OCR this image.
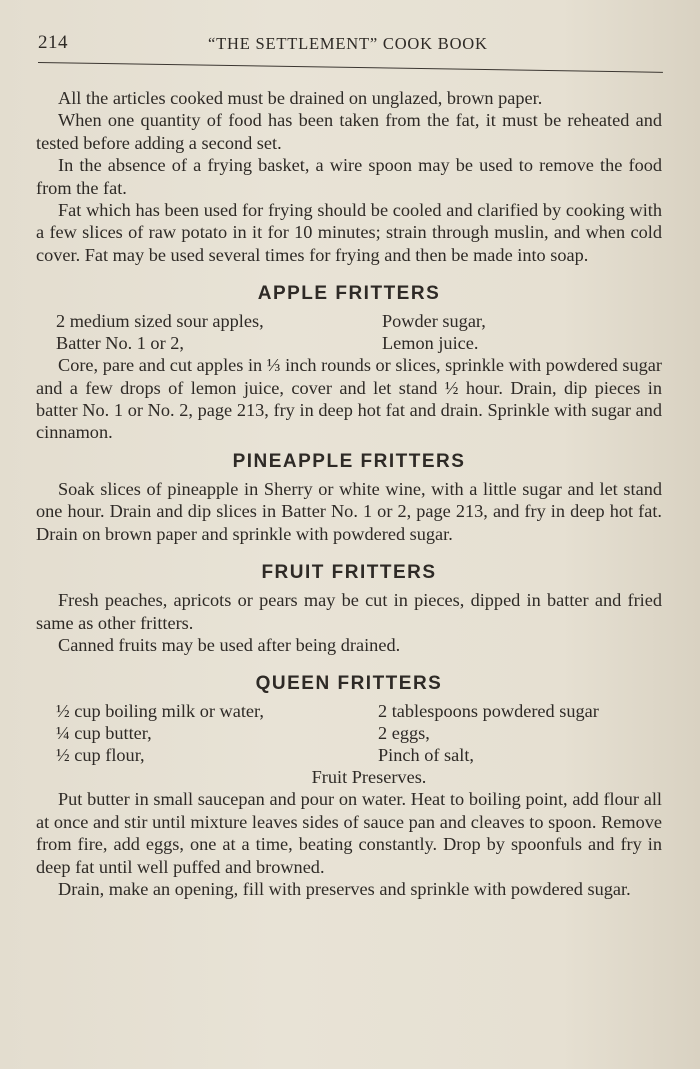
214	“THE SETTLEMENT” COOK BOOK

All the articles cooked must be drained on unglazed, brown paper.

When one quantity of food has been taken from the fat, it must be reheated and tested before adding a second set.

In the absence of a frying basket, a wire spoon may be used to remove the food from the fat.

Fat which has been used for frying should be cooled and clarified by cooking with a few slices of raw potato in it for 10 minutes; strain through muslin, and when cold cover. Fat may be used several times for frying and then be made into soap.

APPLE FRITTERS
2 medium sized sour apples,	Powder sugar,
Batter No. 1 or 2,	Lemon juice.

Core, pare and cut apples in ⅓ inch rounds or slices, sprinkle with powdered sugar and a few drops of lemon juice, cover and let stand ½ hour. Drain, dip pieces in batter No. 1 or No. 2, page 213, fry in deep hot fat and drain. Sprinkle with sugar and cinnamon.

PINEAPPLE FRITTERS

Soak slices of pineapple in Sherry or white wine, with a little sugar and let stand one hour. Drain and dip slices in Batter No. 1 or 2, page 213, and fry in deep hot fat. Drain on brown paper and sprinkle with powdered sugar.

FRUIT FRITTERS

Fresh peaches, apricots or pears may be cut in pieces, dipped in batter and fried same as other fritters.

Canned fruits may be used after being drained.

QUEEN FRITTERS
½ cup boiling milk or water,	2 tablespoons powdered sugar
¼ cup butter,	2 eggs,
½ cup flour,	Pinch of salt,
Fruit Preserves.

Put butter in small saucepan and pour on water. Heat to boiling point, add flour all at once and stir until mixture leaves sides of sauce pan and cleaves to spoon. Remove from fire, add eggs, one at a time, beating constantly. Drop by spoonfuls and fry in deep fat until well puffed and browned.

Drain, make an opening, fill with preserves and sprinkle with powdered sugar.
